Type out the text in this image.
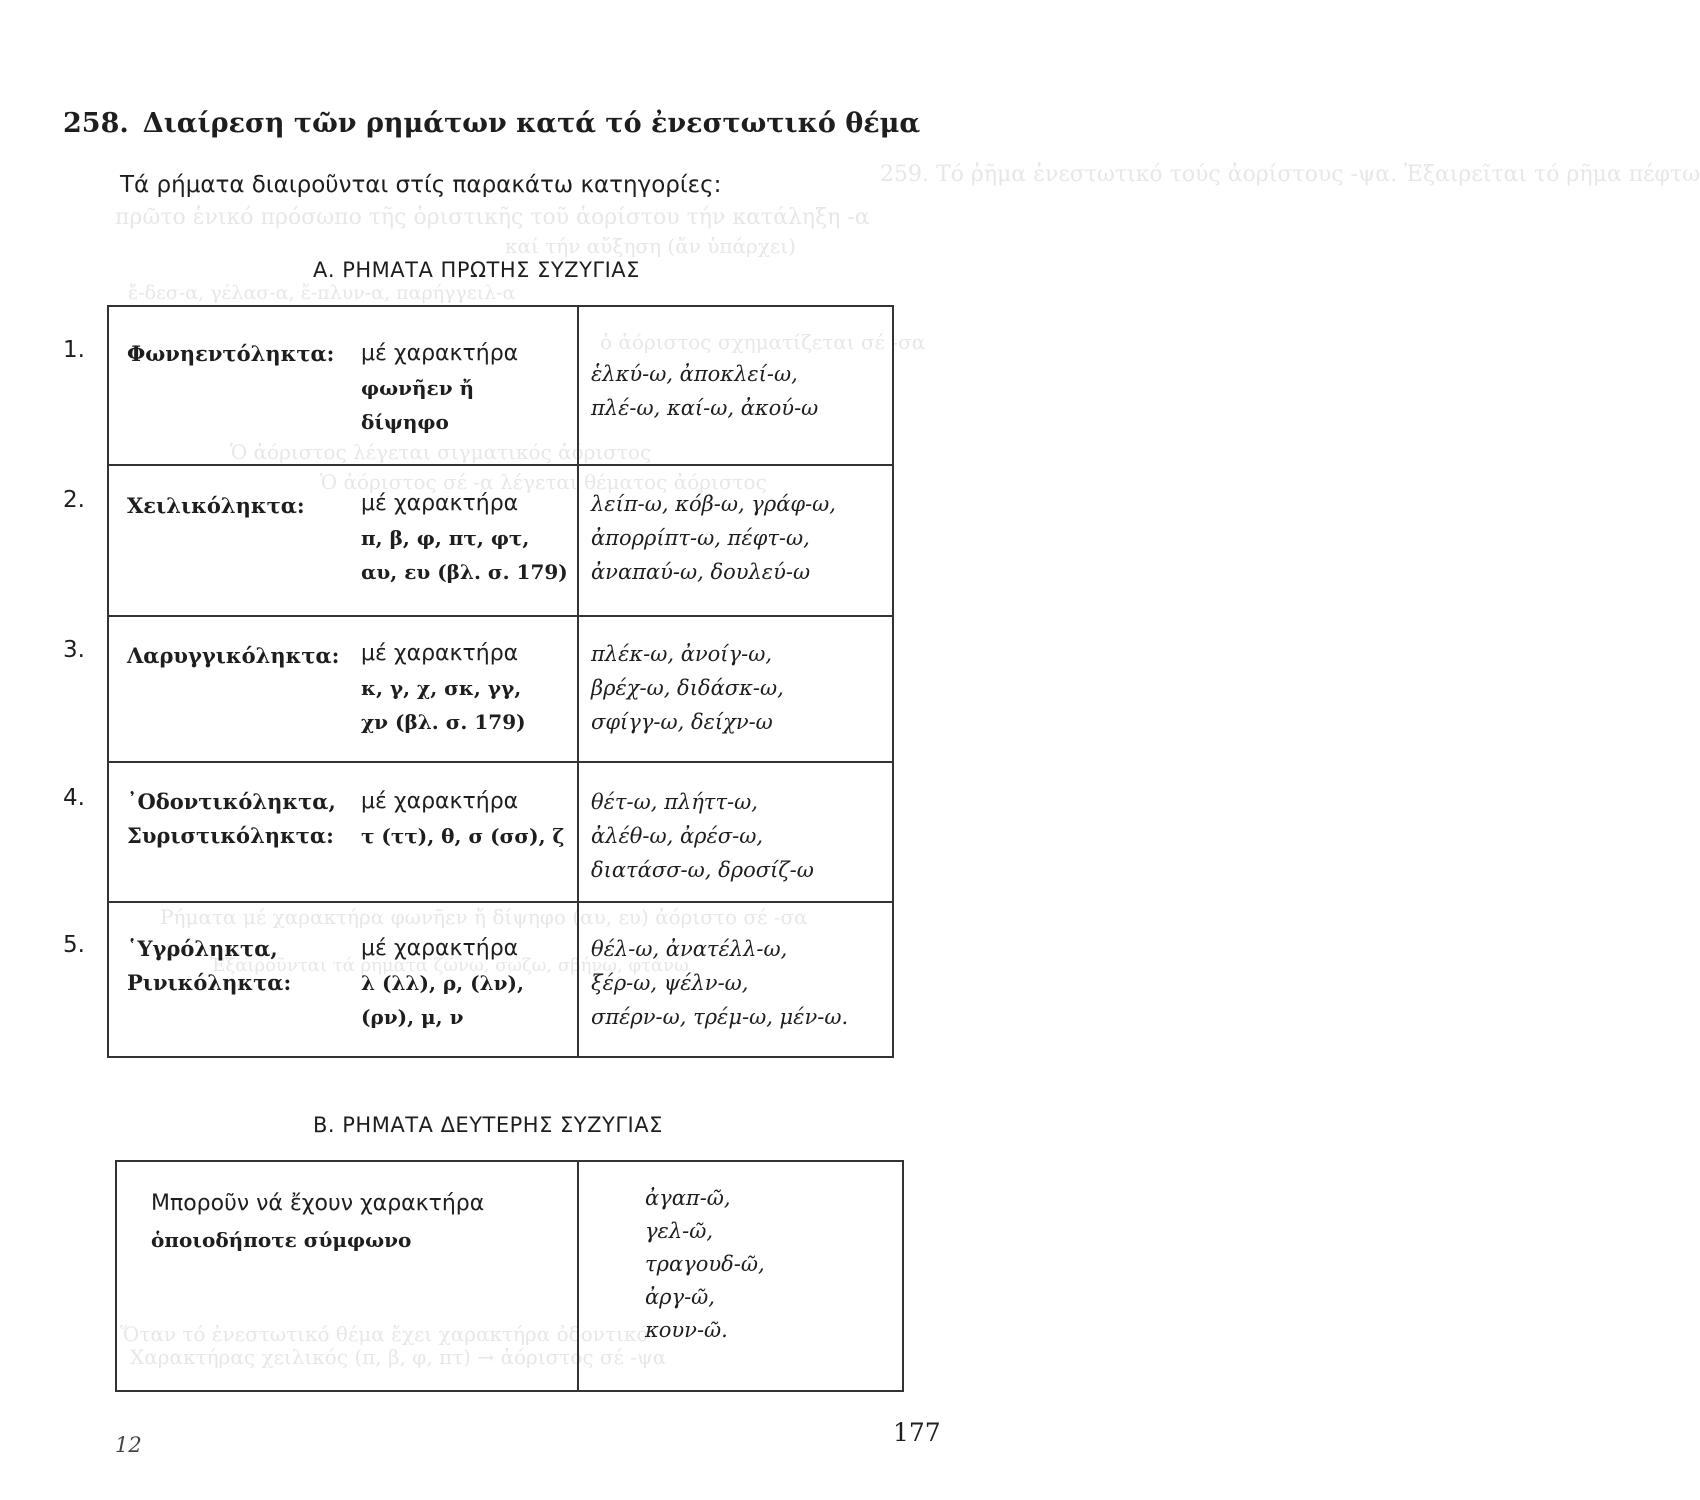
259. Τό ῥῆμα ἐνεστωτικό τούς ἀορίστους -ψα. Ἐξαιρεῖται τό ρῆμα πέφτω
πρῶτο ἑνικό πρόσωπο τῆς ὁριστικῆς τοῦ ἀορίστου τήν κατάληξη -α
καί τήν αὔξηση (ἄν ὑπάρχει)
ἔ-δεσ-α, γέλασ-α, ἔ-πλυν-α, παρήγγειλ-α
ὁ ἀόριστος σχηματίζεται σέ -σα
Ὁ ἀόριστος λέγεται σιγματικός ἀόριστος
Ὁ ἀόριστος σέ -α λέγεται θέματος ἀόριστος
Ρήματα μέ χαρακτήρα φωνῆεν ἤ δίψηφο (αυ, ευ) ἀόριστο σέ -σα
Ἐξαιροῦνται τά ρήματα ζώνω, σώζω, σβήνω, φτάνω
Ὅταν τό ἐνεστωτικό θέμα ἔχει χαρακτήρα ὀδοντικό
Χαρακτήρας χειλικός (π, β, φ, πτ) → ἀόριστος σέ -ψα
258. Διαίρεση τῶν ρημάτων κατά τό ἐνεστωτικό θέμα
Τά ρήματα διαιροῦνται στίς παρακάτω κατηγορίες:
Α. ΡΗΜΑΤΑ ΠΡΩΤΗΣ ΣΥΖΥΓΙΑΣ
1. Φωνηεντόληκτα: μέ χαρακτήρα
φωνῆεν ἤ
δίψηφο
ἑλκύ-ω, ἀποκλεί-ω,
πλέ-ω, καί-ω, ἀκού-ω
2. Χειλικόληκτα:	μέ χαρακτήρα
π, β, φ, πτ, φτ,
αυ, ευ (βλ. σ. 179)
λείπ-ω, κόβ-ω, γράφ-ω,
ἀπορρίπτ-ω, πέφτ-ω,
ἀναπαύ-ω, δουλεύ-ω
3. Λαρυγγικόληκτα: μέ χαρακτήρα
κ, γ, χ, σκ, γγ,
χν (βλ. σ. 179)
πλέκ-ω, ἀνοίγ-ω,
βρέχ-ω, διδάσκ-ω,
σφίγγ-ω, δείχν-ω
4. ᾿Οδοντικόληκτα,
Συριστικόληκτα:
μέ χαρακτήρα
τ (ττ), θ, σ (σσ), ζ
θέτ-ω, πλήττ-ω,
ἀλέθ-ω, ἀρέσ-ω,
διατάσσ-ω, δροσίζ-ω
5. ῾Υγρόληκτα,
Ρινικόληκτα:
μέ χαρακτήρα
λ (λλ), ρ, (λν),
(ρν), μ, ν
θέλ-ω, ἀνατέλλ-ω,
ξέρ-ω, ψέλν-ω,
σπέρν-ω, τρέμ-ω, μέν-ω.
Β. ΡΗΜΑΤΑ ΔΕΥΤΕΡΗΣ ΣΥΖΥΓΙΑΣ
Μποροῦν νά ἔχουν χαρακτήρα
ὁποιοδήποτε σύμφωνο
ἀγαπ-ῶ,
γελ-ῶ,
τραγουδ-ῶ,
ἀργ-ῶ,
κουν-ῶ.
12	177
